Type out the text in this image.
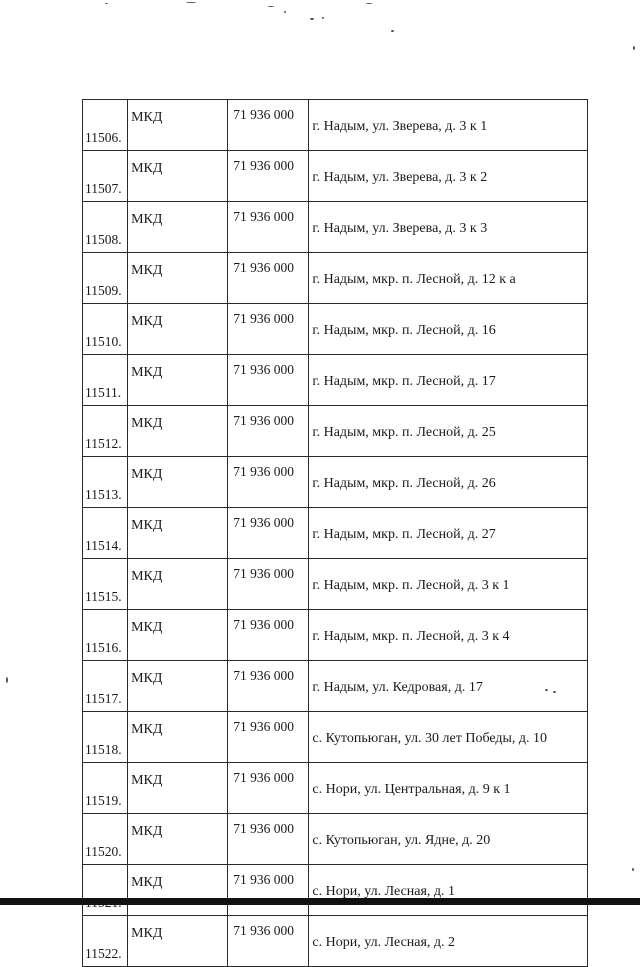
11506.	МКД	71 936 000	г. Надым, ул. Зверева, д. 3 к 1
11507.	МКД	71 936 000	г. Надым, ул. Зверева, д. 3 к 2
11508.	МКД	71 936 000	г. Надым, ул. Зверева, д. 3 к 3
11509.	МКД	71 936 000	г. Надым, мкр. п. Лесной, д. 12 к а
11510.	МКД	71 936 000	г. Надым, мкр. п. Лесной, д. 16
11511.	МКД	71 936 000	г. Надым, мкр. п. Лесной, д. 17
11512.	МКД	71 936 000	г. Надым, мкр. п. Лесной, д. 25
11513.	МКД	71 936 000	г. Надым, мкр. п. Лесной, д. 26
11514.	МКД	71 936 000	г. Надым, мкр. п. Лесной, д. 27
11515.	МКД	71 936 000	г. Надым, мкр. п. Лесной, д. 3 к 1
11516.	МКД	71 936 000	г. Надым, мкр. п. Лесной, д. 3 к 4
11517.	МКД	71 936 000	г. Надым, ул. Кедровая, д. 17
11518.	МКД	71 936 000	с. Кутопьюган, ул. 30 лет Победы, д. 10
11519.	МКД	71 936 000	с. Нори, ул. Центральная, д. 9 к 1
11520.	МКД	71 936 000	с. Кутопьюган, ул. Ядне, д. 20
	МКД	71 936 000	с. Нори, ул. Лесная, д. 1
11522.	МКД	71 936 000	с. Нори, ул. Лесная, д. 2
